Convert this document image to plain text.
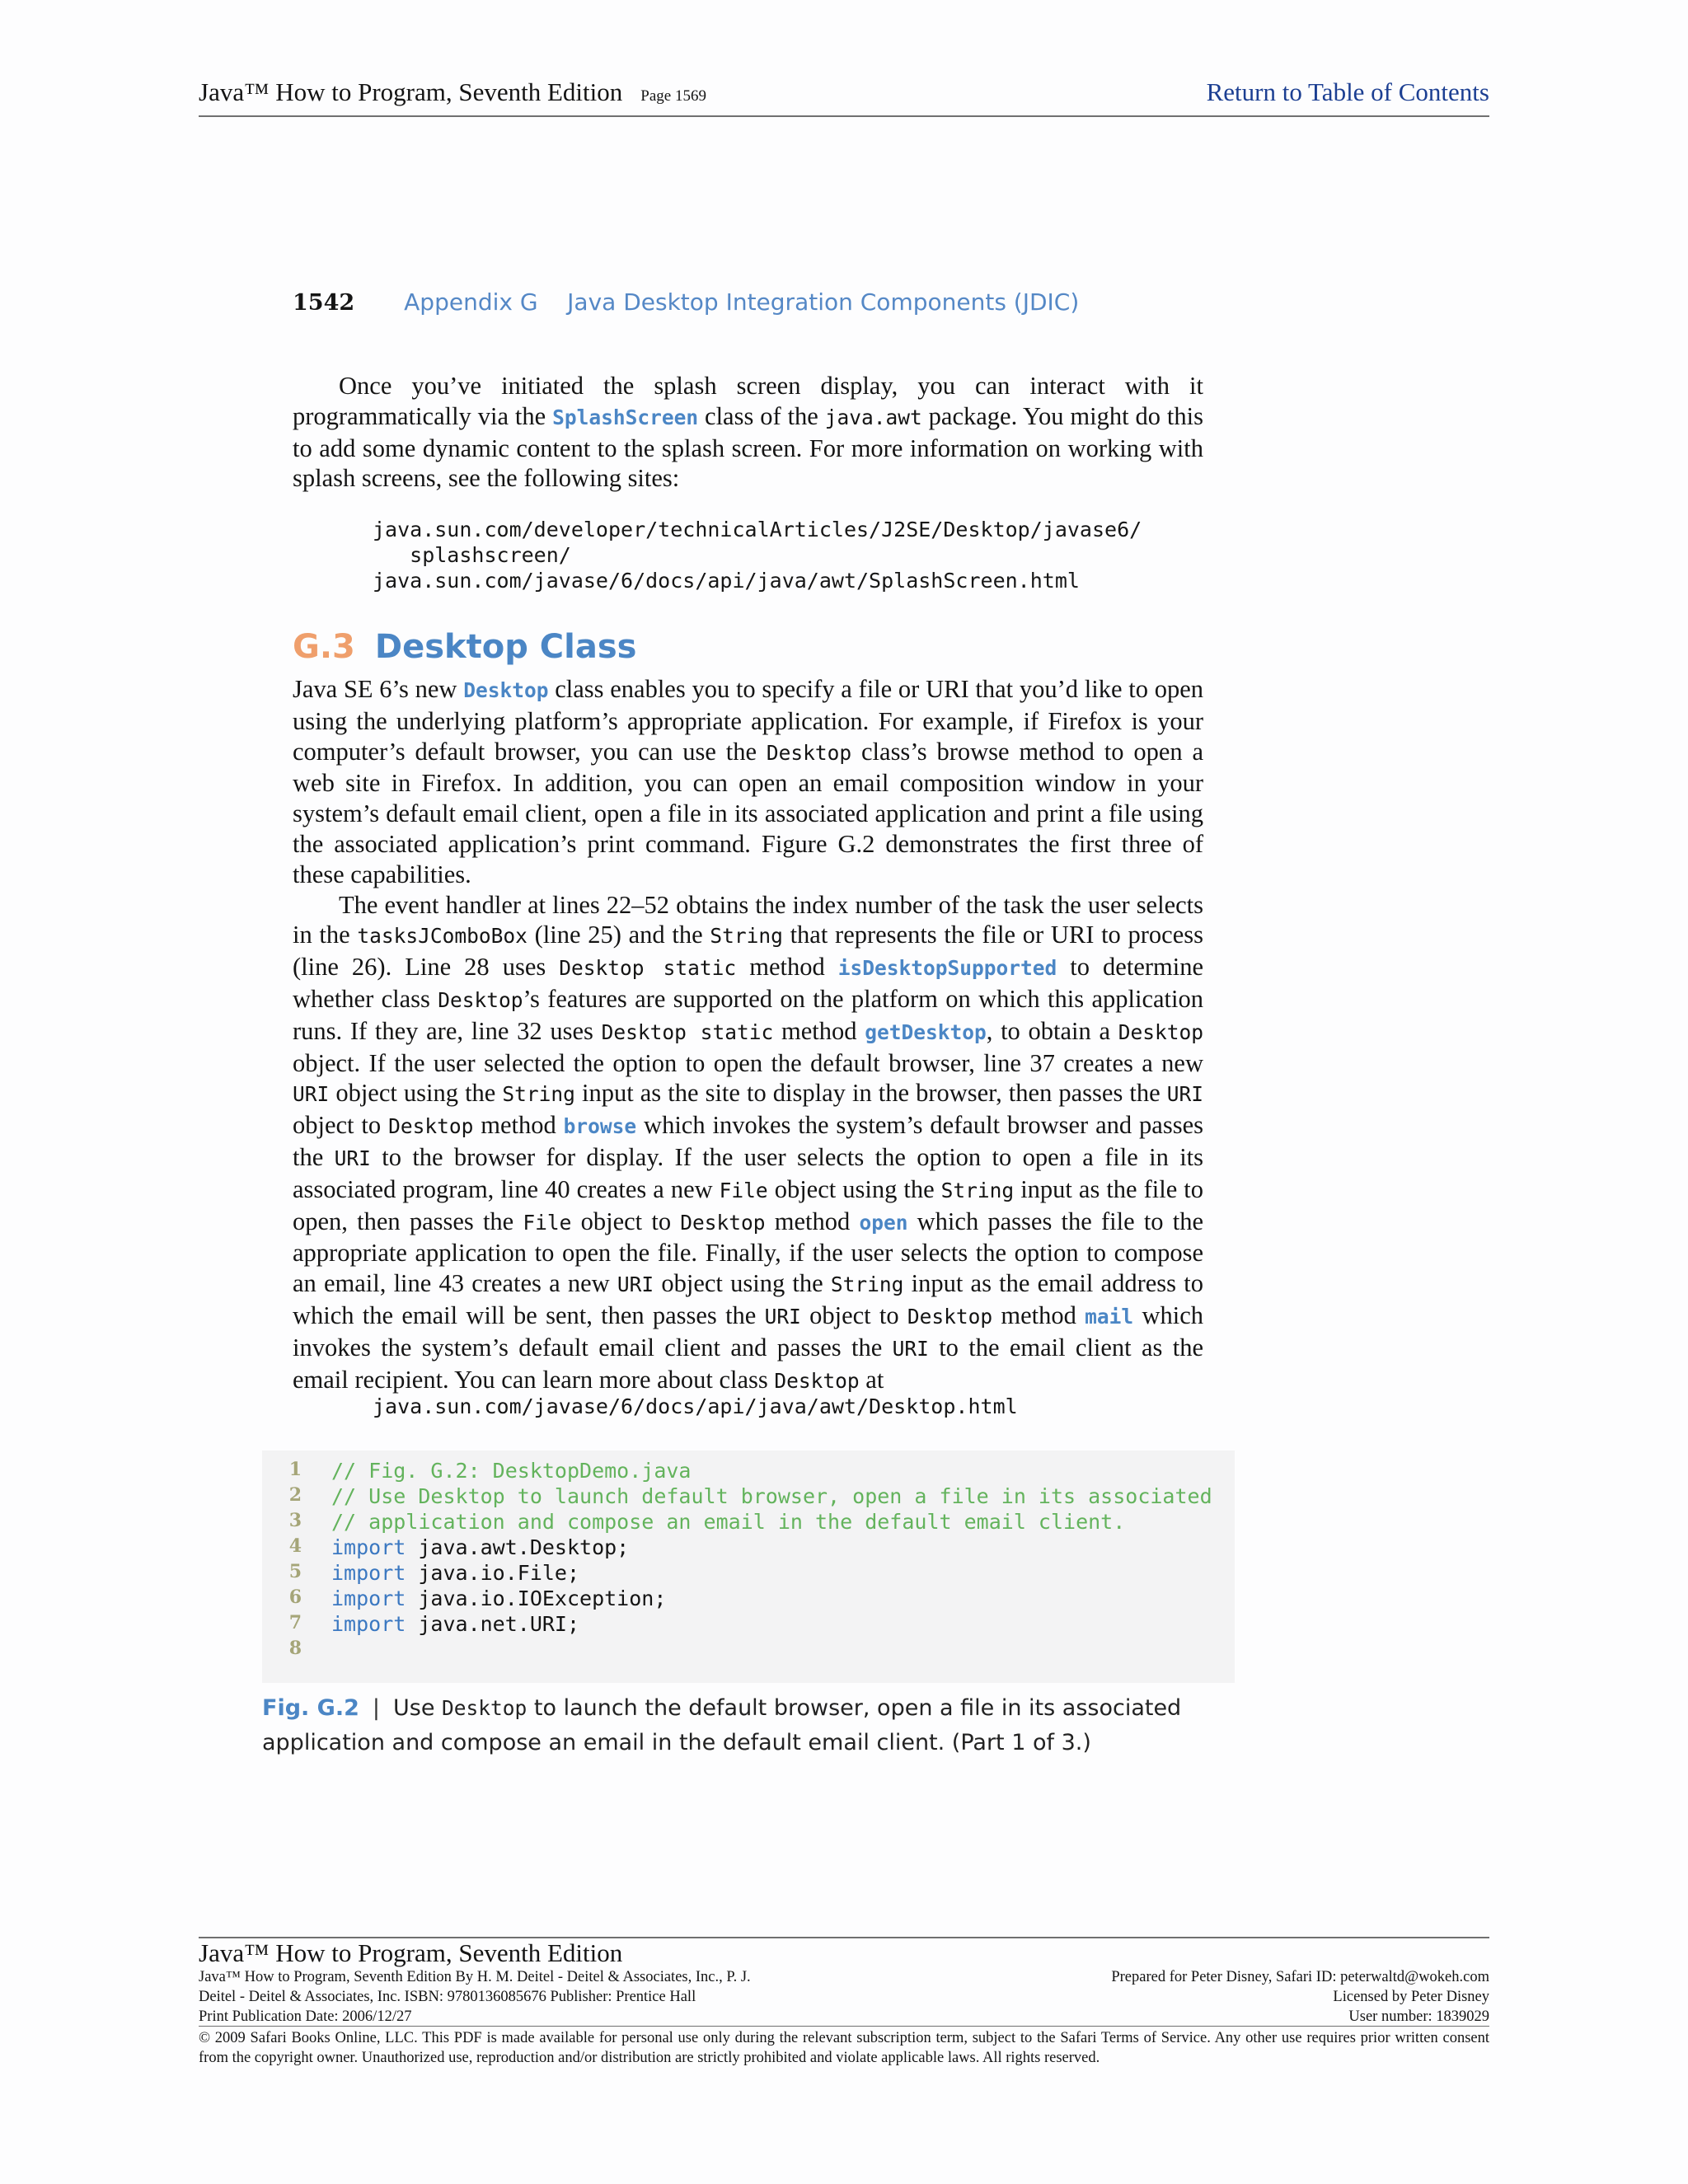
Java™ How to Program, Seventh Edition Page 1569	Return to Table of Contents
1542 Appendix G    Java Desktop Integration Components (JDIC)

Once you’ve initiated the splash screen display, you can interact with it programmatically via the SplashScreen class of the java.awt package. You might do this to add some dynamic content to the splash screen. For more information on working with splash screens, see the following sites:

java.sun.com/developer/technicalArticles/J2SE/Desktop/javase6/
splashscreen/
java.sun.com/javase/6/docs/api/java/awt/SplashScreen.html
G.3 Desktop Class

Java SE 6’s new Desktop class enables you to specify a file or URI that you’d like to open using the underlying platform’s appropriate application. For example, if Firefox is your computer’s default browser, you can use the Desktop class’s browse method to open a web site in Firefox. In addition, you can open an email composition window in your system’s default email client, open a file in its associated application and print a file using the associated application’s print command. Figure G.2 demonstrates the first three of these capabilities.

The event handler at lines 22–52 obtains the index number of the task the user selects in the tasksJComboBox (line 25) and the String that represents the file or URI to process (line 26). Line 28 uses Desktop static method isDesktopSupported to determine whether class Desktop’s features are supported on the platform on which this application runs. If they are, line 32 uses Desktop static method getDesktop, to obtain a Desktop object. If the user selected the option to open the default browser, line 37 creates a new URI object using the String input as the site to display in the browser, then passes the URI object to Desktop method browse which invokes the system’s default browser and passes the URI to the browser for display. If the user selects the option to open a file in its associated program, line 40 creates a new File object using the String input as the file to open, then passes the File object to Desktop method open which passes the file to the appropriate application to open the file. Finally, if the user selects the option to compose an email, line 43 creates a new URI object using the String input as the email address to which the email will be sent, then passes the URI object to Desktop method mail which invokes the system’s default email client and passes the URI to the email client as the email recipient. You can learn more about class Desktop at

java.sun.com/javase/6/docs/api/java/awt/Desktop.html
1 // Fig. G.2: DesktopDemo.java
2 // Use Desktop to launch default browser, open a file in its associated
3 // application and compose an email in the default email client.
4 import java.awt.Desktop;
5 import java.io.File;
6 import java.io.IOException;
7 import java.net.URI;
8
Fig. G.2 | Use Desktop to launch the default browser, open a file in its associated application and compose an email in the default email client. (Part 1 of 3.)
Java™ How to Program, Seventh Edition
Java™ How to Program, Seventh Edition By H. M. Deitel - Deitel & Associates, Inc., P. J.
Deitel - Deitel & Associates, Inc. ISBN: 9780136085676 Publisher: Prentice Hall
Print Publication Date: 2006/12/27
Prepared for Peter Disney, Safari ID: peterwaltd@wokeh.com
Licensed by Peter Disney
User number: 1839029
© 2009 Safari Books Online, LLC. This PDF is made available for personal use only during the relevant subscription term, subject to the Safari Terms of Service. Any other use requires prior written consent from the copyright owner. Unauthorized use, reproduction and/or distribution are strictly prohibited and violate applicable laws. All rights reserved.
